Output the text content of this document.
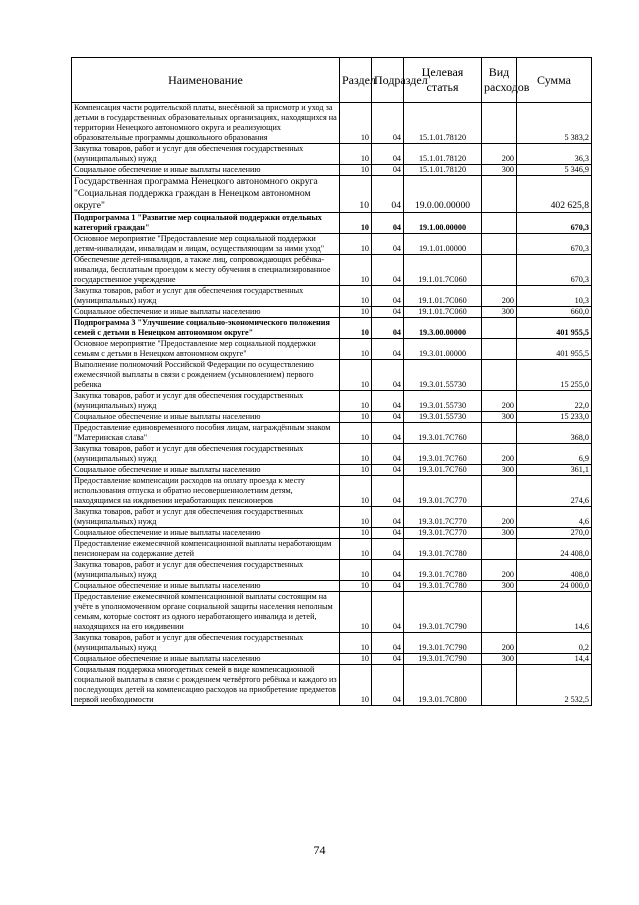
Наименование	Раздел	Подраздел	Целевая статья	Вид расходов	Сумма
Компенсация части родительской платы, внесённой за присмотр и уход за детьми в государственных образовательных организациях, находящихся на территории Ненецкого автономного округа и реализующих образовательные программы дошкольного образования	10	04	15.1.01.78120		5 383,2
Закупка товаров, работ и услуг для обеспечения государственных (муниципальных) нужд	10	04	15.1.01.78120	200	36,3
Социальное обеспечение и иные выплаты населению	10	04	15.1.01.78120	300	5 346,9
Государственная программа Ненецкого автономного округа "Социальная поддержка граждан в Ненецком автономном округе"	10	04	19.0.00.00000		402 625,8
Подпрограмма 1 "Развитие мер социальной поддержки отдельных категорий граждан"	10	04	19.1.00.00000		670,3
Основное мероприятие "Предоставление мер социальной поддержки детям-инвалидам, инвалидам и лицам, осуществляющим за ними уход"	10	04	19.1.01.00000		670,3
Обеспечение детей-инвалидов, а также лиц, сопровождающих ребёнка-инвалида, бесплатным проездом к месту обучения в специализированное государственное учреждение	10	04	19.1.01.7С060		670,3
Закупка товаров, работ и услуг для обеспечения государственных (муниципальных) нужд	10	04	19.1.01.7С060	200	10,3
Социальное обеспечение и иные выплаты населению	10	04	19.1.01.7С060	300	660,0
Подпрограмма 3 "Улучшение социально-экономического положения семей с детьми в Ненецком автономном округе"	10	04	19.3.00.00000		401 955,5
Основное мероприятие "Предоставление мер социальной поддержки семьям с детьми в Ненецком автономном округе"	10	04	19.3.01.00000		401 955,5
Выполнение полномочий Российской Федерации по осуществлению ежемесячной выплаты в связи с рождением (усыновлением) первого ребенка	10	04	19.3.01.55730		15 255,0
Закупка товаров, работ и услуг для обеспечения государственных (муниципальных) нужд	10	04	19.3.01.55730	200	22,0
Социальное обеспечение и иные выплаты населению	10	04	19.3.01.55730	300	15 233,0
Предоставление единовременного пособия лицам, награждённым знаком "Материнская слава"	10	04	19.3.01.7С760		368,0
Закупка товаров, работ и услуг для обеспечения государственных (муниципальных) нужд	10	04	19.3.01.7С760	200	6,9
Социальное обеспечение и иные выплаты населению	10	04	19.3.01.7С760	300	361,1
Предоставление компенсации расходов на оплату проезда к месту использования отпуска и обратно несовершеннолетним детям, находящимся на иждивении неработающих пенсионеров	10	04	19.3.01.7С770		274,6
Закупка товаров, работ и услуг для обеспечения государственных (муниципальных) нужд	10	04	19.3.01.7С770	200	4,6
Социальное обеспечение и иные выплаты населению	10	04	19.3.01.7С770	300	270,0
Предоставление ежемесячной компенсационной выплаты неработающим пенсионерам на содержание детей	10	04	19.3.01.7С780		24 408,0
Закупка товаров, работ и услуг для обеспечения государственных (муниципальных) нужд	10	04	19.3.01.7С780	200	408,0
Социальное обеспечение и иные выплаты населению	10	04	19.3.01.7С780	300	24 000,0
Предоставление ежемесячной компенсационной выплаты состоящим на учёте в уполномоченном органе социальной защиты населения неполным семьям, которые состоят из одного неработающего инвалида и детей, находящихся на его иждивении	10	04	19.3.01.7С790		14,6
Закупка товаров, работ и услуг для обеспечения государственных (муниципальных) нужд	10	04	19.3.01.7С790	200	0,2
Социальное обеспечение и иные выплаты населению	10	04	19.3.01.7С790	300	14,4
Социальная поддержка многодетных семей в виде компенсационной социальной выплаты в связи с рождением четвёртого ребёнка и каждого из последующих детей на компенсацию расходов на приобретение предметов первой необходимости	10	04	19.3.01.7С800		2 532,5
74
